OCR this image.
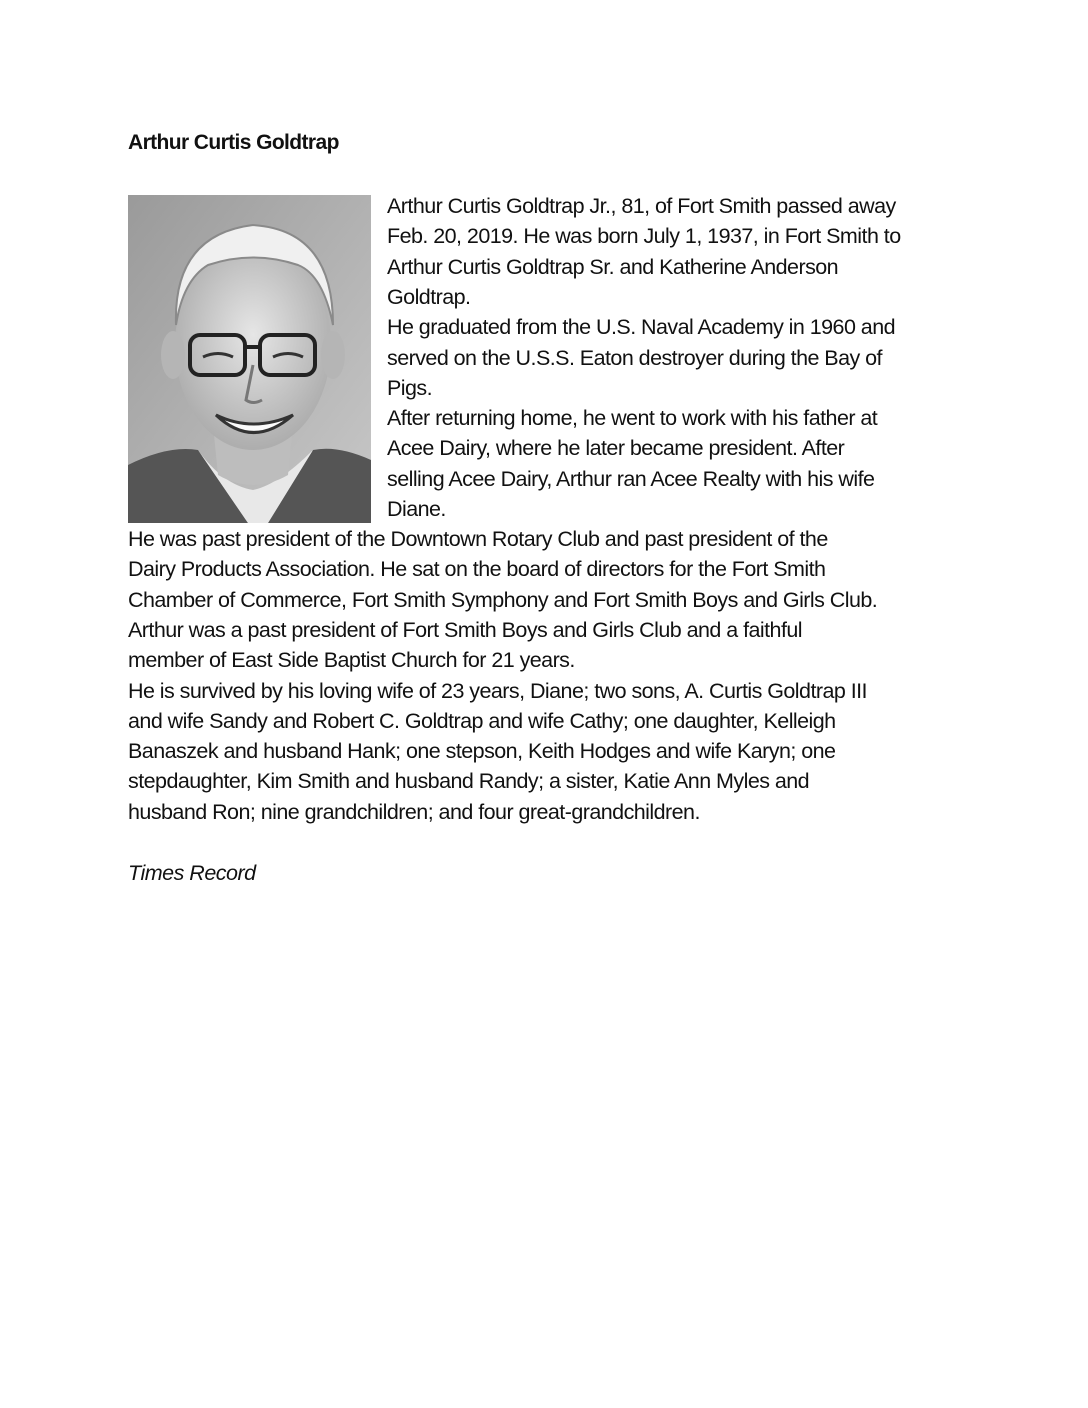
Arthur Curtis Goldtrap
Arthur Curtis Goldtrap Jr., 81, of Fort Smith passed away
Feb. 20, 2019. He was born July 1, 1937, in Fort Smith to
Arthur Curtis Goldtrap Sr. and Katherine Anderson
Goldtrap.
He graduated from the U.S. Naval Academy in 1960 and
served on the U.S.S. Eaton destroyer during the Bay of
Pigs.
After returning home, he went to work with his father at
Acee Dairy, where he later became president. After
selling Acee Dairy, Arthur ran Acee Realty with his wife
Diane.
He was past president of the Downtown Rotary Club and past president of the
Dairy Products Association. He sat on the board of directors for the Fort Smith
Chamber of Commerce, Fort Smith Symphony and Fort Smith Boys and Girls Club.
Arthur was a past president of Fort Smith Boys and Girls Club and a faithful
member of East Side Baptist Church for 21 years.
He is survived by his loving wife of 23 years, Diane; two sons, A. Curtis Goldtrap III
and wife Sandy and Robert C. Goldtrap and wife Cathy; one daughter, Kelleigh
Banaszek and husband Hank; one stepson, Keith Hodges and wife Karyn; one
stepdaughter, Kim Smith and husband Randy; a sister, Katie Ann Myles and
husband Ron; nine grandchildren; and four great-grandchildren.
Times Record
